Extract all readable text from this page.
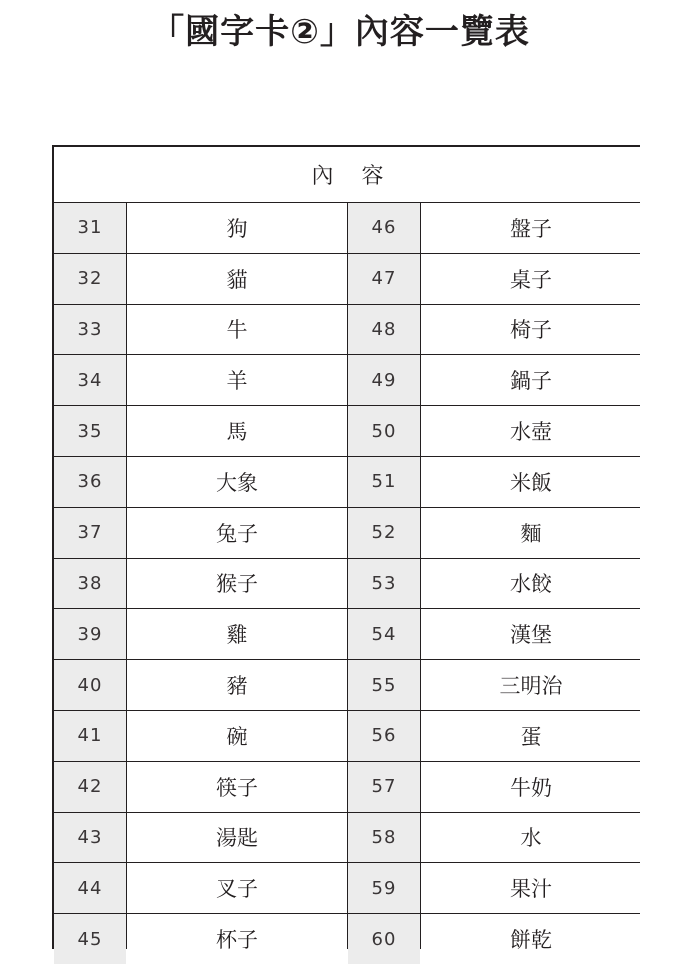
「國字卡②」內容一覽表
內容
31	狗	46	盤子
32	貓	47	桌子
33	牛	48	椅子
34	羊	49	鍋子
35	馬	50	水壺
36	大象	51	米飯
37	兔子	52	麵
38	猴子	53	水餃
39	雞	54	漢堡
40	豬	55	三明治
41	碗	56	蛋
42	筷子	57	牛奶
43	湯匙	58	水
44	叉子	59	果汁
45	杯子	60	餅乾
